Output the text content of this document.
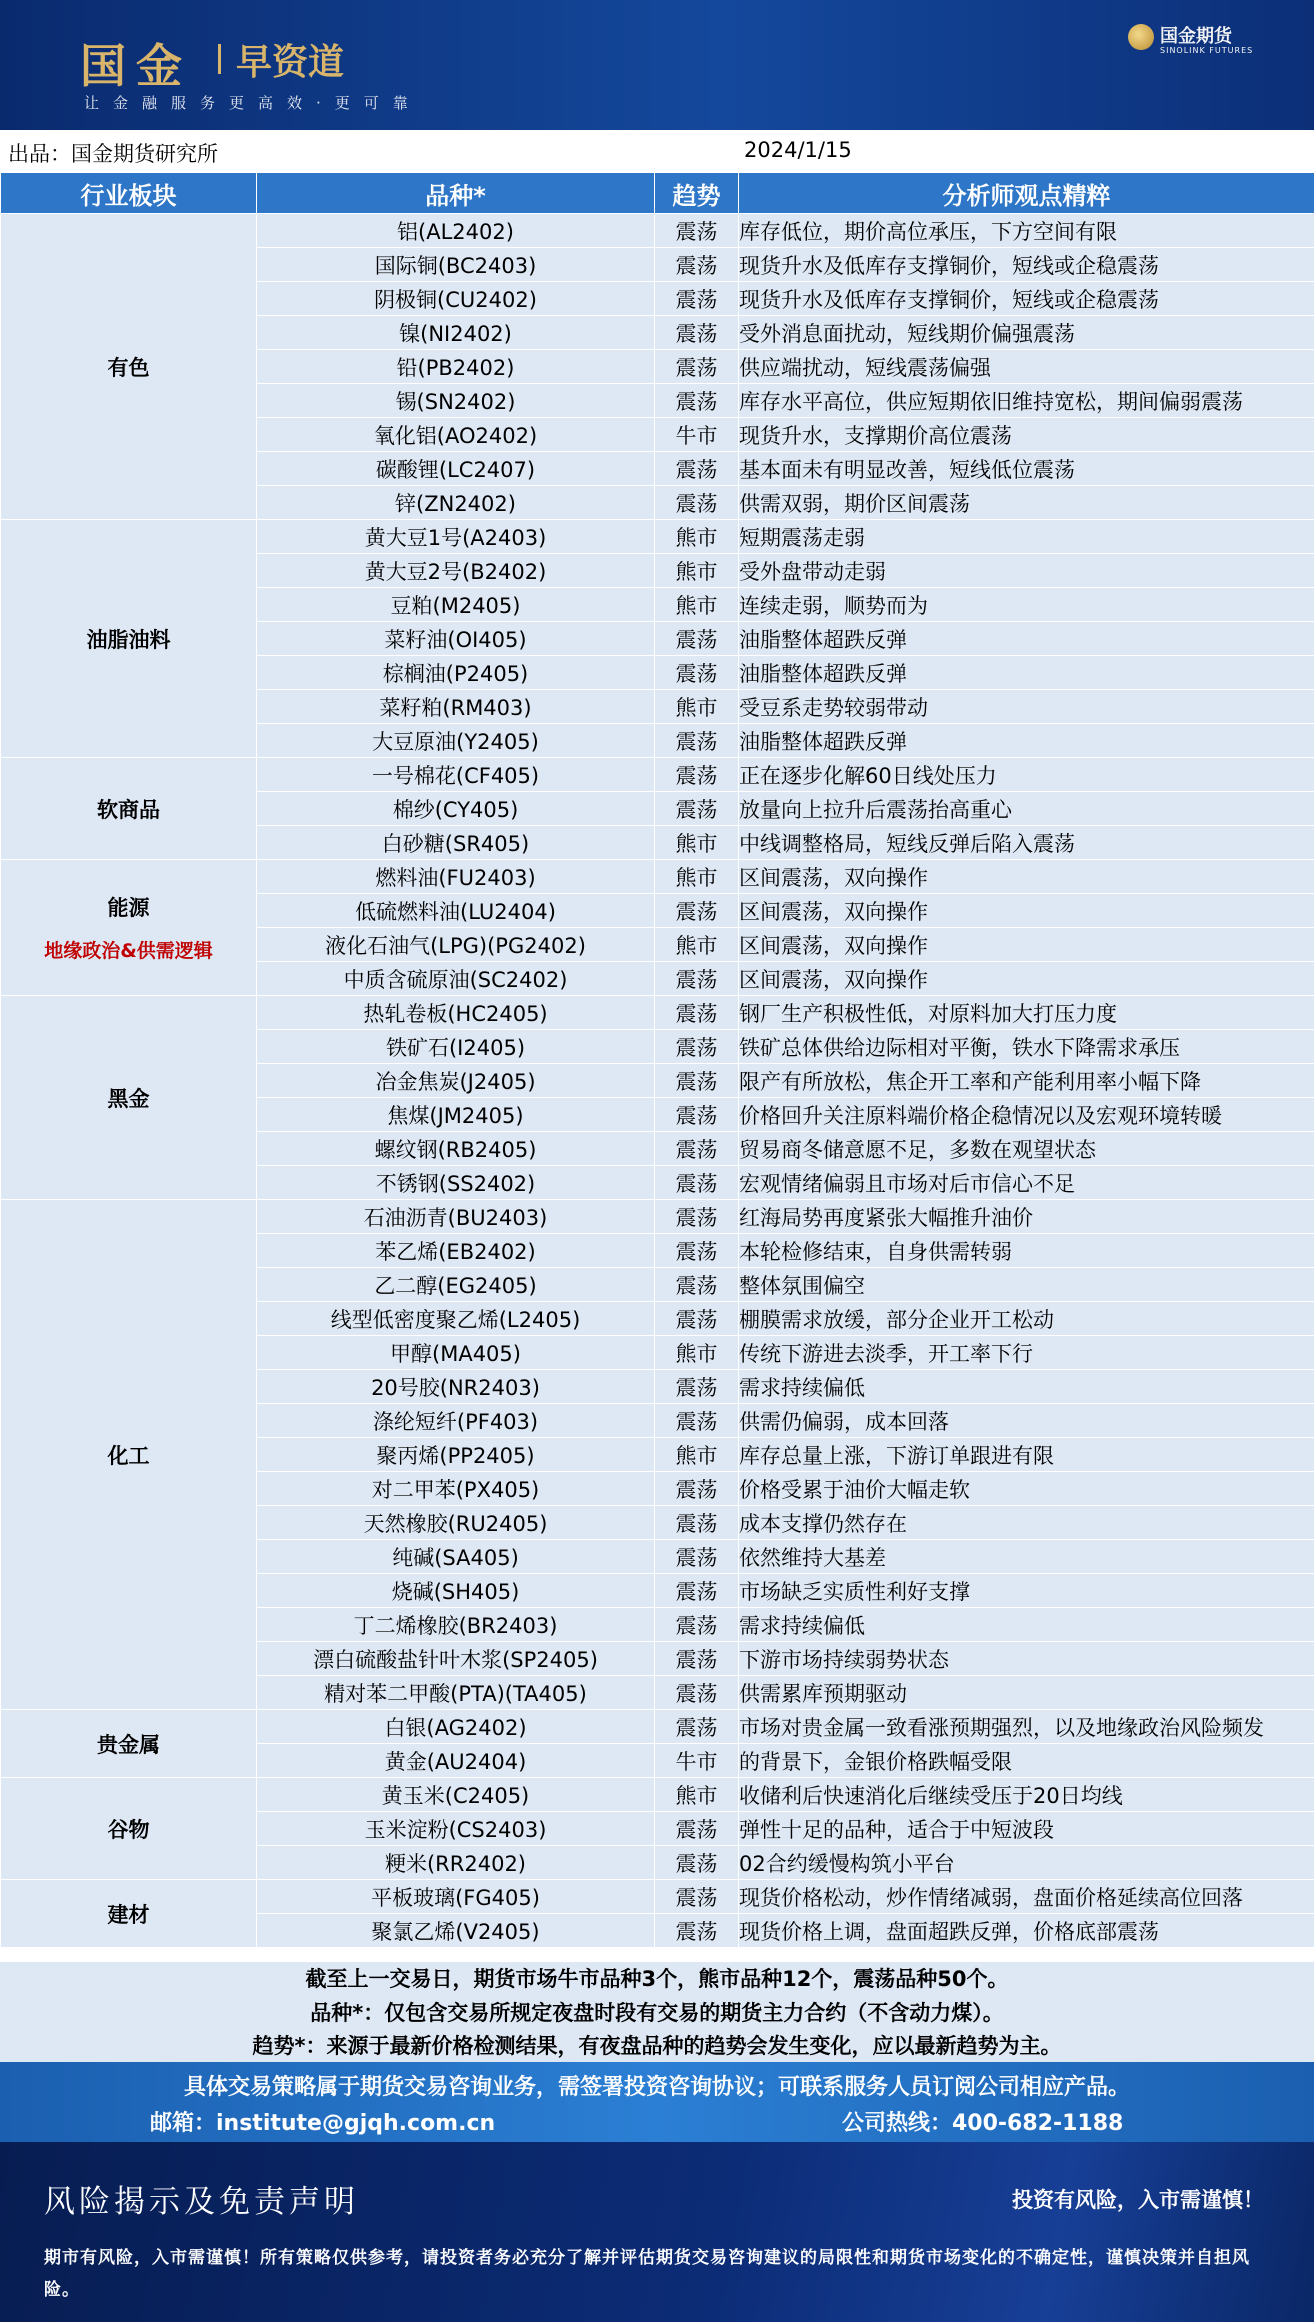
国金 早资道
让金融服务更高效·更可靠
国金期货
SINOLINK FUTURES
出品：国金期货研究所	2024/1/15
行业板块	品种*	趋势	分析师观点精粹
有色	铝(AL2402)	震荡	库存低位，期价高位承压，下方空间有限
	国际铜(BC2403)	震荡	现货升水及低库存支撑铜价，短线或企稳震荡
	阴极铜(CU2402)	震荡	现货升水及低库存支撑铜价，短线或企稳震荡
	镍(NI2402)	震荡	受外消息面扰动，短线期价偏强震荡
	铅(PB2402)	震荡	供应端扰动，短线震荡偏强
	锡(SN2402)	震荡	库存水平高位，供应短期依旧维持宽松，期间偏弱震荡
	氧化铝(AO2402)	牛市	现货升水，支撑期价高位震荡
	碳酸锂(LC2407)	震荡	基本面未有明显改善，短线低位震荡
	锌(ZN2402)	震荡	供需双弱，期价区间震荡
油脂油料	黄大豆1号(A2403)	熊市	短期震荡走弱
	黄大豆2号(B2402)	熊市	受外盘带动走弱
	豆粕(M2405)	熊市	连续走弱，顺势而为
	菜籽油(OI405)	震荡	油脂整体超跌反弹
	棕榈油(P2405)	震荡	油脂整体超跌反弹
	菜籽粕(RM403)	熊市	受豆系走势较弱带动
	大豆原油(Y2405)	震荡	油脂整体超跌反弹
软商品	一号棉花(CF405)	震荡	正在逐步化解60日线处压力
	棉纱(CY405)	震荡	放量向上拉升后震荡抬高重心
	白砂糖(SR405)	熊市	中线调整格局，短线反弹后陷入震荡
能源
地缘政治&供需逻辑	燃料油(FU2403)	熊市	区间震荡，双向操作
	低硫燃料油(LU2404)	震荡	区间震荡，双向操作
	液化石油气(LPG)(PG2402)	熊市	区间震荡，双向操作
	中质含硫原油(SC2402)	震荡	区间震荡，双向操作
黑金	热轧卷板(HC2405)	震荡	钢厂生产积极性低，对原料加大打压力度
	铁矿石(I2405)	震荡	铁矿总体供给边际相对平衡，铁水下降需求承压
	冶金焦炭(J2405)	震荡	限产有所放松，焦企开工率和产能利用率小幅下降
	焦煤(JM2405)	震荡	价格回升关注原料端价格企稳情况以及宏观环境转暖
	螺纹钢(RB2405)	震荡	贸易商冬储意愿不足，多数在观望状态
	不锈钢(SS2402)	震荡	宏观情绪偏弱且市场对后市信心不足
化工	石油沥青(BU2403)	震荡	红海局势再度紧张大幅推升油价
	苯乙烯(EB2402)	震荡	本轮检修结束，自身供需转弱
	乙二醇(EG2405)	震荡	整体氛围偏空
	线型低密度聚乙烯(L2405)	震荡	棚膜需求放缓，部分企业开工松动
	甲醇(MA405)	熊市	传统下游进去淡季，开工率下行
	20号胶(NR2403)	震荡	需求持续偏低
	涤纶短纤(PF403)	震荡	供需仍偏弱，成本回落
	聚丙烯(PP2405)	熊市	库存总量上涨，下游订单跟进有限
	对二甲苯(PX405)	震荡	价格受累于油价大幅走软
	天然橡胶(RU2405)	震荡	成本支撑仍然存在
	纯碱(SA405)	震荡	依然维持大基差
	烧碱(SH405)	震荡	市场缺乏实质性利好支撑
	丁二烯橡胶(BR2403)	震荡	需求持续偏低
	漂白硫酸盐针叶木浆(SP2405)	震荡	下游市场持续弱势状态
	精对苯二甲酸(PTA)(TA405)	震荡	供需累库预期驱动
贵金属	白银(AG2402)	震荡	市场对贵金属一致看涨预期强烈，以及地缘政治风险频发
	黄金(AU2404)	牛市	的背景下，金银价格跌幅受限
谷物	黄玉米(C2405)	熊市	收储利后快速消化后继续受压于20日均线
	玉米淀粉(CS2403)	震荡	弹性十足的品种，适合于中短波段
	粳米(RR2402)	震荡	02合约缓慢构筑小平台
建材	平板玻璃(FG405)	震荡	现货价格松动，炒作情绪减弱，盘面价格延续高位回落
	聚氯乙烯(V2405)	震荡	现货价格上调，盘面超跌反弹，价格底部震荡
截至上一交易日，期货市场牛市品种3个，熊市品种12个，震荡品种50个。
品种*：仅包含交易所规定夜盘时段有交易的期货主力合约（不含动力煤）。
趋势*：来源于最新价格检测结果，有夜盘品种的趋势会发生变化，应以最新趋势为主。
具体交易策略属于期货交易咨询业务，需签署投资咨询协议；可联系服务人员订阅公司相应产品。
邮箱：institute@gjqh.com.cn	公司热线：400-682-1188
风险揭示及免责声明	投资有风险，入市需谨慎！
期市有风险，入市需谨慎！所有策略仅供参考，请投资者务必充分了解并评估期货交易咨询建议的局限性和期货市场变化的不确定性，谨慎决策并自担风险。
